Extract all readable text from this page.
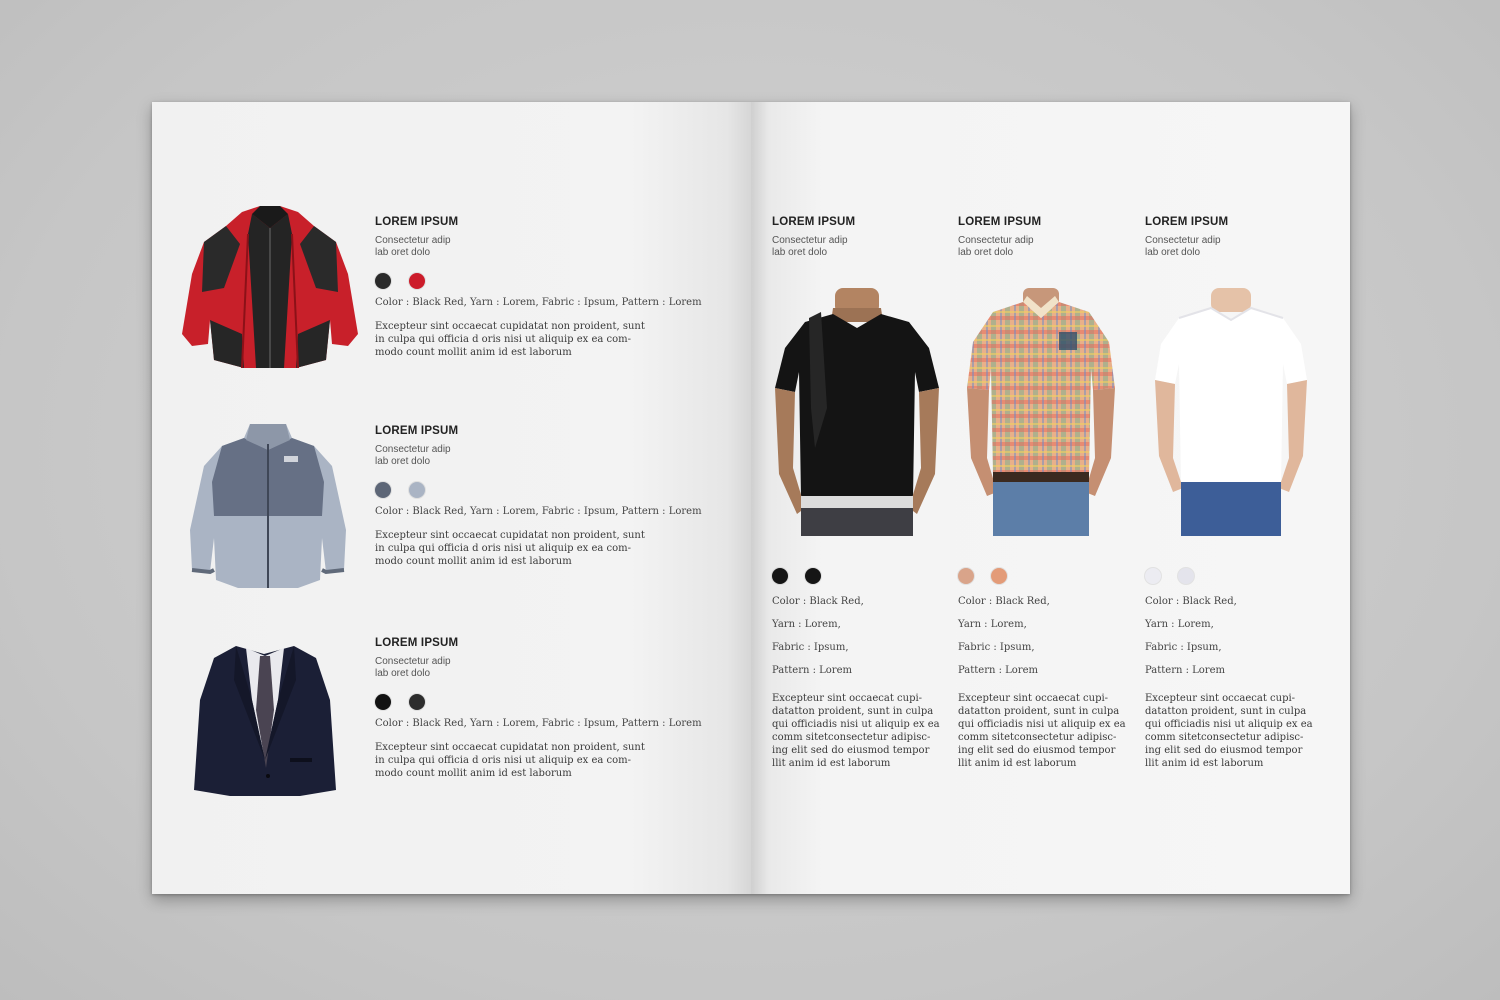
LOREM IPSUM

Consectetur adip

lab oret dolo

Color : Black Red, Yarn : Lorem, Fabric : Ipsum, Pattern : Lorem

Excepteur sint occaecat cupidatat non proident, sunt
in culpa qui officia d oris nisi ut aliquip ex ea com-
modo count mollit anim id est laborum

LOREM IPSUM

Consectetur adip

lab oret dolo

Color : Black Red, Yarn : Lorem, Fabric : Ipsum, Pattern : Lorem

Excepteur sint occaecat cupidatat non proident, sunt
in culpa qui officia d oris nisi ut aliquip ex ea com-
modo count mollit anim id est laborum

LOREM IPSUM

Consectetur adip

lab oret dolo

Color : Black Red, Yarn : Lorem, Fabric : Ipsum, Pattern : Lorem

Excepteur sint occaecat cupidatat non proident, sunt
in culpa qui officia d oris nisi ut aliquip ex ea com-
modo count mollit anim id est laborum

LOREM IPSUM

Consectetur adip

lab oret dolo

Color : Black Red,

Yarn : Lorem,

Fabric : Ipsum,

Pattern : Lorem

Excepteur sint occaecat cupi-
datatton proident, sunt in culpa
qui officiadis nisi ut aliquip ex ea
comm sitetconsectetur adipisc-
ing elit sed do eiusmod tempor
llit anim id est laborum

LOREM IPSUM

Consectetur adip

lab oret dolo

Color : Black Red,

Yarn : Lorem,

Fabric : Ipsum,

Pattern : Lorem

Excepteur sint occaecat cupi-
datatton proident, sunt in culpa
qui officiadis nisi ut aliquip ex ea
comm sitetconsectetur adipisc-
ing elit sed do eiusmod tempor
llit anim id est laborum

LOREM IPSUM

Consectetur adip

lab oret dolo

Color : Black Red,

Yarn : Lorem,

Fabric : Ipsum,

Pattern : Lorem

Excepteur sint occaecat cupi-
datatton proident, sunt in culpa
qui officiadis nisi ut aliquip ex ea
comm sitetconsectetur adipisc-
ing elit sed do eiusmod tempor
llit anim id est laborum
